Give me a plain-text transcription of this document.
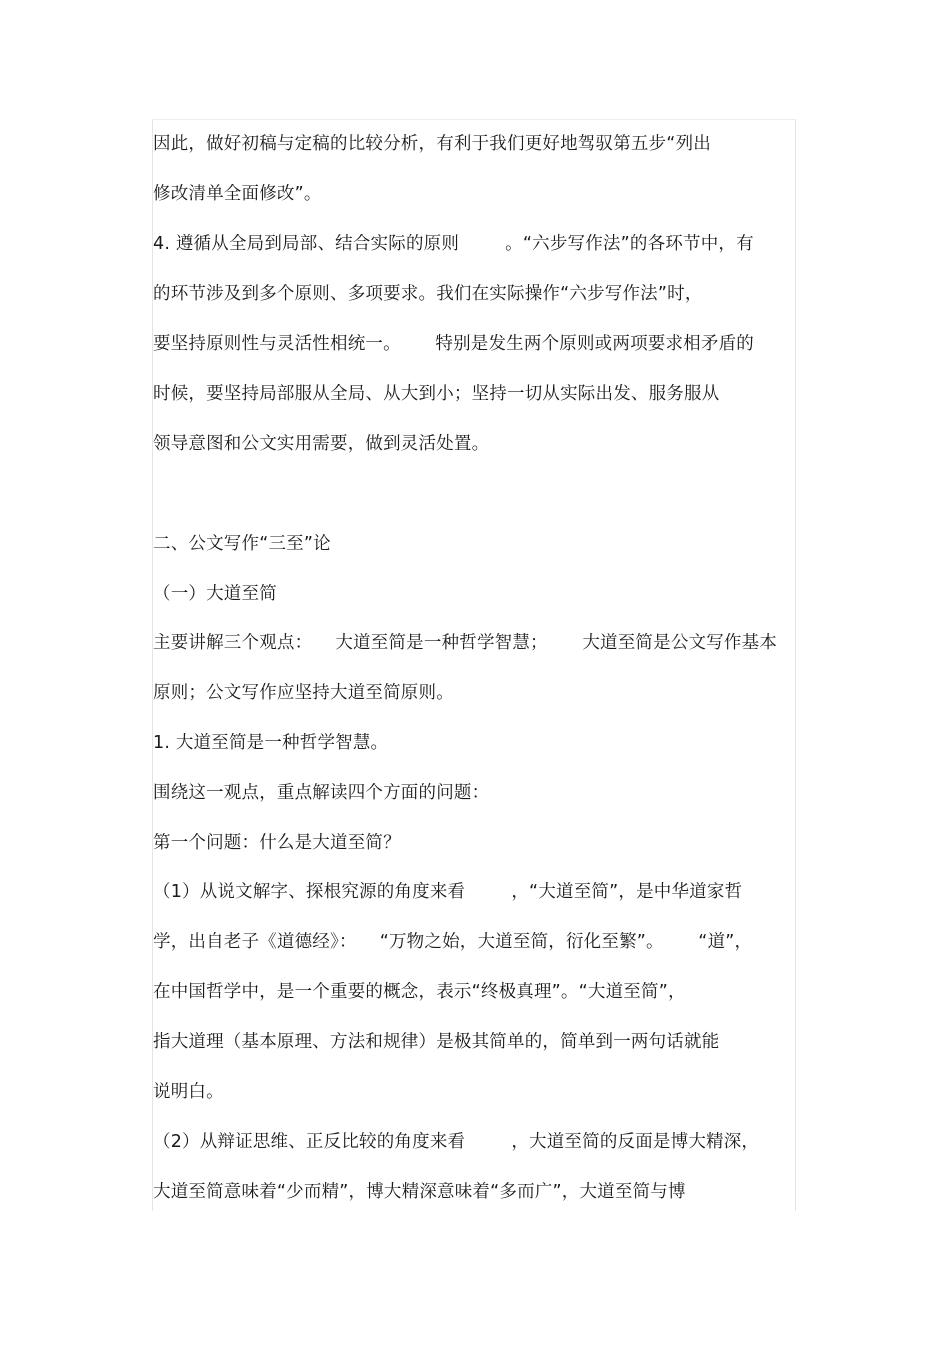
因此，做好初稿与定稿的比较分析，有利于我们更好地驾驭第五步“列出
修改清单全面修改”。
4. 遵循从全局到局部、结合实际的原则        。“六步写作法”的各环节中，有
的环节涉及到多个原则、多项要求。我们在实际操作“六步写作法”时，
要坚持原则性与灵活性相统一。      特别是发生两个原则或两项要求相矛盾的
时候，要坚持局部服从全局、从大到小；坚持一切从实际出发、服务服从
领导意图和公文实用需要，做到灵活处置。
二、公文写作“三至”论
（一）大道至简
主要讲解三个观点：    大道至简是一种哲学智慧；      大道至简是公文写作基本
原则；公文写作应坚持大道至简原则。
1. 大道至简是一种哲学智慧。
围绕这一观点，重点解读四个方面的问题：
第一个问题：什么是大道至简？
（1）从说文解字、探根究源的角度来看        ，“大道至简”，是中华道家哲
学，出自老子《道德经》：    “万物之始，大道至简，衍化至繁”。      “道”，
在中国哲学中，是一个重要的概念，表示“终极真理”。“大道至简”，
指大道理（基本原理、方法和规律）是极其简单的，简单到一两句话就能
说明白。
（2）从辩证思维、正反比较的角度来看        ，大道至简的反面是博大精深，
大道至简意味着“少而精”，博大精深意味着“多而广”，大道至简与博
